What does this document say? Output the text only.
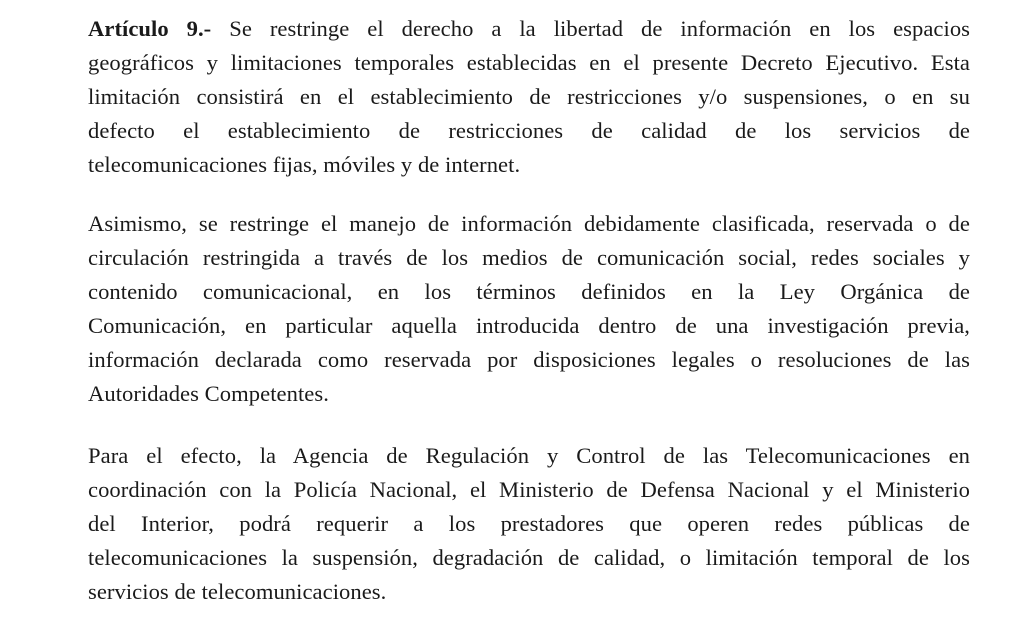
Artículo 9.- Se restringe el derecho a la libertad de información en los espacios
geográficos y limitaciones temporales establecidas en el presente Decreto Ejecutivo. Esta
limitación consistirá en el establecimiento de restricciones y/o suspensiones, o en su
defecto el establecimiento de restricciones de calidad de los servicios de
telecomunicaciones fijas, móviles y de internet.
Asimismo, se restringe el manejo de información debidamente clasificada, reservada o de
circulación restringida a través de los medios de comunicación social, redes sociales y
contenido comunicacional, en los términos definidos en la Ley Orgánica de
Comunicación, en particular aquella introducida dentro de una investigación previa,
información declarada como reservada por disposiciones legales o resoluciones de las
Autoridades Competentes.
Para el efecto, la Agencia de Regulación y Control de las Telecomunicaciones en
coordinación con la Policía Nacional, el Ministerio de Defensa Nacional y el Ministerio
del Interior, podrá requerir a los prestadores que operen redes públicas de
telecomunicaciones la suspensión, degradación de calidad, o limitación temporal de los
servicios de telecomunicaciones.
